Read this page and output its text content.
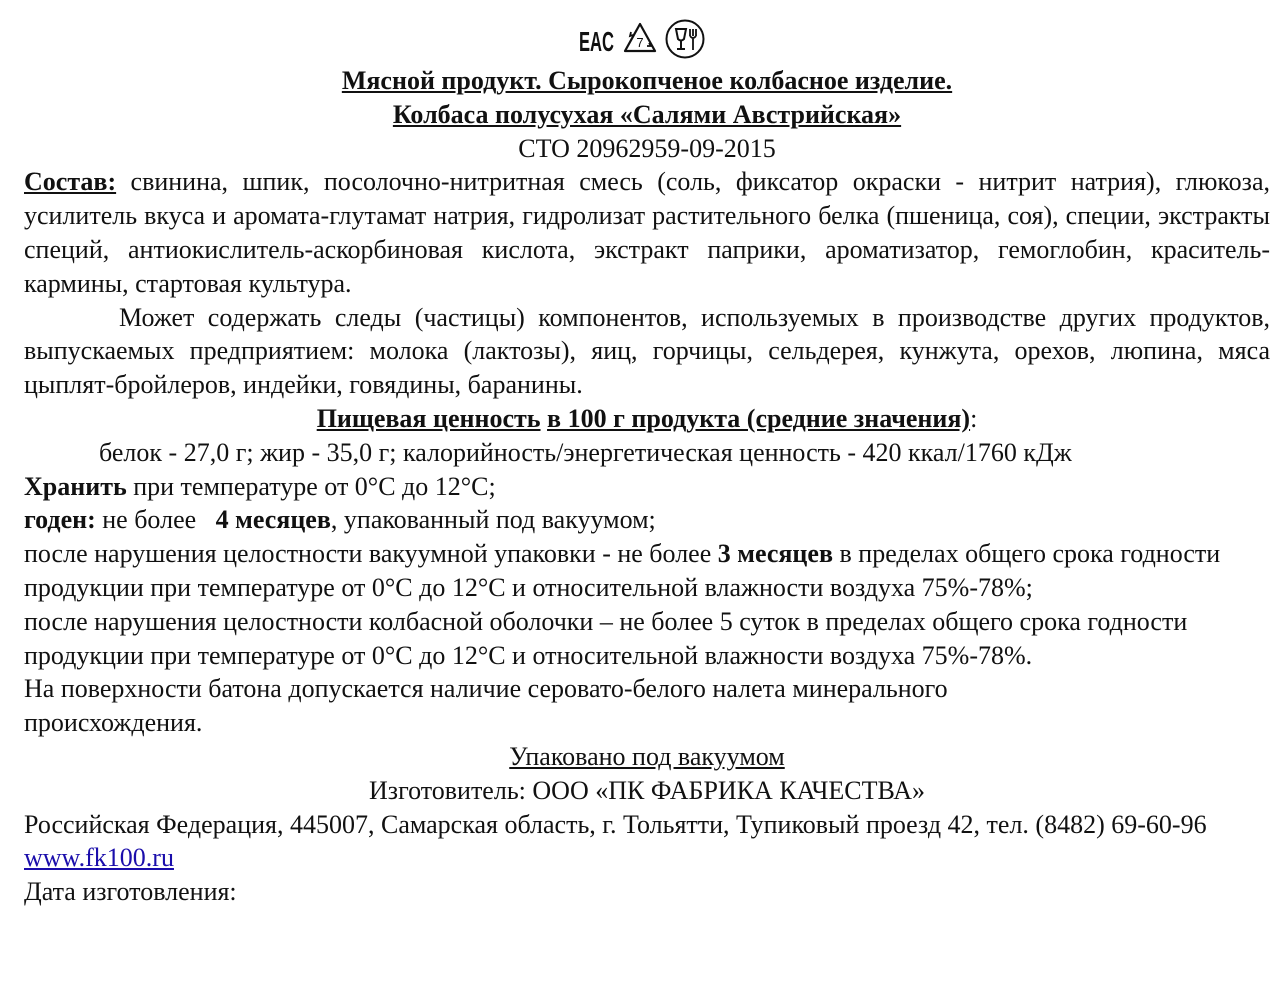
EAC 7
Мясной продукт. Сырокопченое колбасное изделие.
Колбаса полусухая «Салями Австрийская»
СТО 20962959-09-2015
Состав: свинина, шпик, посолочно-нитритная смесь (соль, фиксатор окраски - нитрит натрия), глюкоза, усилитель вкуса и аромата-глутамат натрия, гидролизат растительного белка (пшеница, соя), специи, экстракты специй, антиокислитель-аскорбиновая кислота, экстракт паприки, ароматизатор, гемоглобин, краситель-кармины, стартовая культура.
Может содержать следы (частицы) компонентов, используемых в производстве других продуктов, выпускаемых предприятием: молока (лактозы), яиц, горчицы, сельдерея, кунжута, орехов, люпина, мяса цыплят-бройлеров, индейки, говядины, баранины.
Пищевая ценность в 100 г продукта (средние значения):
белок - 27,0 г; жир - 35,0 г; калорийность/энергетическая ценность - 420 ккал/1760 кДж
Хранить при температуре от 0°С до 12°С;
годен: не более   4 месяцев, упакованный под вакуумом;
после нарушения целостности вакуумной упаковки - не более 3 месяцев в пределах общего срока годности продукции при температуре от 0°С до 12°С и относительной влажности воздуха 75%-78%;
после нарушения целостности колбасной оболочки – не более 5 суток в пределах общего срока годности продукции при температуре от 0°С до 12°С и относительной влажности воздуха 75%-78%.
На поверхности батона допускается наличие серовато-белого налета минерального происхождения.
Упаковано под вакуумом
Изготовитель: ООО «ПК ФАБРИКА КАЧЕСТВА»
Российская Федерация, 445007, Самарская область, г. Тольятти, Тупиковый проезд 42, тел. (8482) 69-60-96 www.fk100.ru
Дата изготовления:
